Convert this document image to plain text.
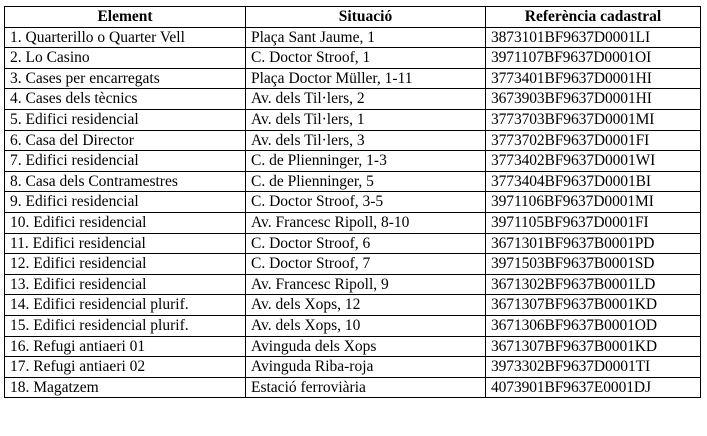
Element	Situació	Referència cadastral
1. Quarterillo o Quarter Vell	Plaça Sant Jaume, 1	3873101BF9637D0001LI
2. Lo Casino	C. Doctor Stroof, 1	3971107BF9637D0001OI
3. Cases per encarregats	Plaça Doctor Müller, 1-11	3773401BF9637D0001HI
4. Cases dels tècnics	Av. dels Til·lers, 2	3673903BF9637D0001HI
5. Edifici residencial	Av. dels Til·lers, 1	3773703BF9637D0001MI
6. Casa del Director	Av. dels Til·lers, 3	3773702BF9637D0001FI
7. Edifici residencial	C. de Plienninger, 1-3	3773402BF9637D0001WI
8. Casa dels Contramestres	C. de Plienninger, 5	3773404BF9637D0001BI
9. Edifici residencial	C. Doctor Stroof, 3-5	3971106BF9637D0001MI
10. Edifici residencial	Av. Francesc Ripoll, 8-10	3971105BF9637D0001FI
11. Edifici residencial	C. Doctor Stroof, 6	3671301BF9637B0001PD
12. Edifici residencial	C. Doctor Stroof, 7	3971503BF9637B0001SD
13. Edifici residencial	Av. Francesc Ripoll, 9	3671302BF9637B0001LD
14. Edifici residencial plurif.	Av. dels Xops, 12	3671307BF9637B0001KD
15. Edifici residencial plurif.	Av. dels Xops, 10	3671306BF9637B0001OD
16. Refugi antiaeri 01	Avinguda dels Xops	3671307BF9637B0001KD
17. Refugi antiaeri 02	Avinguda Riba-roja	3973302BF9637D0001TI
18. Magatzem	Estació ferroviària	4073901BF9637E0001DJ
